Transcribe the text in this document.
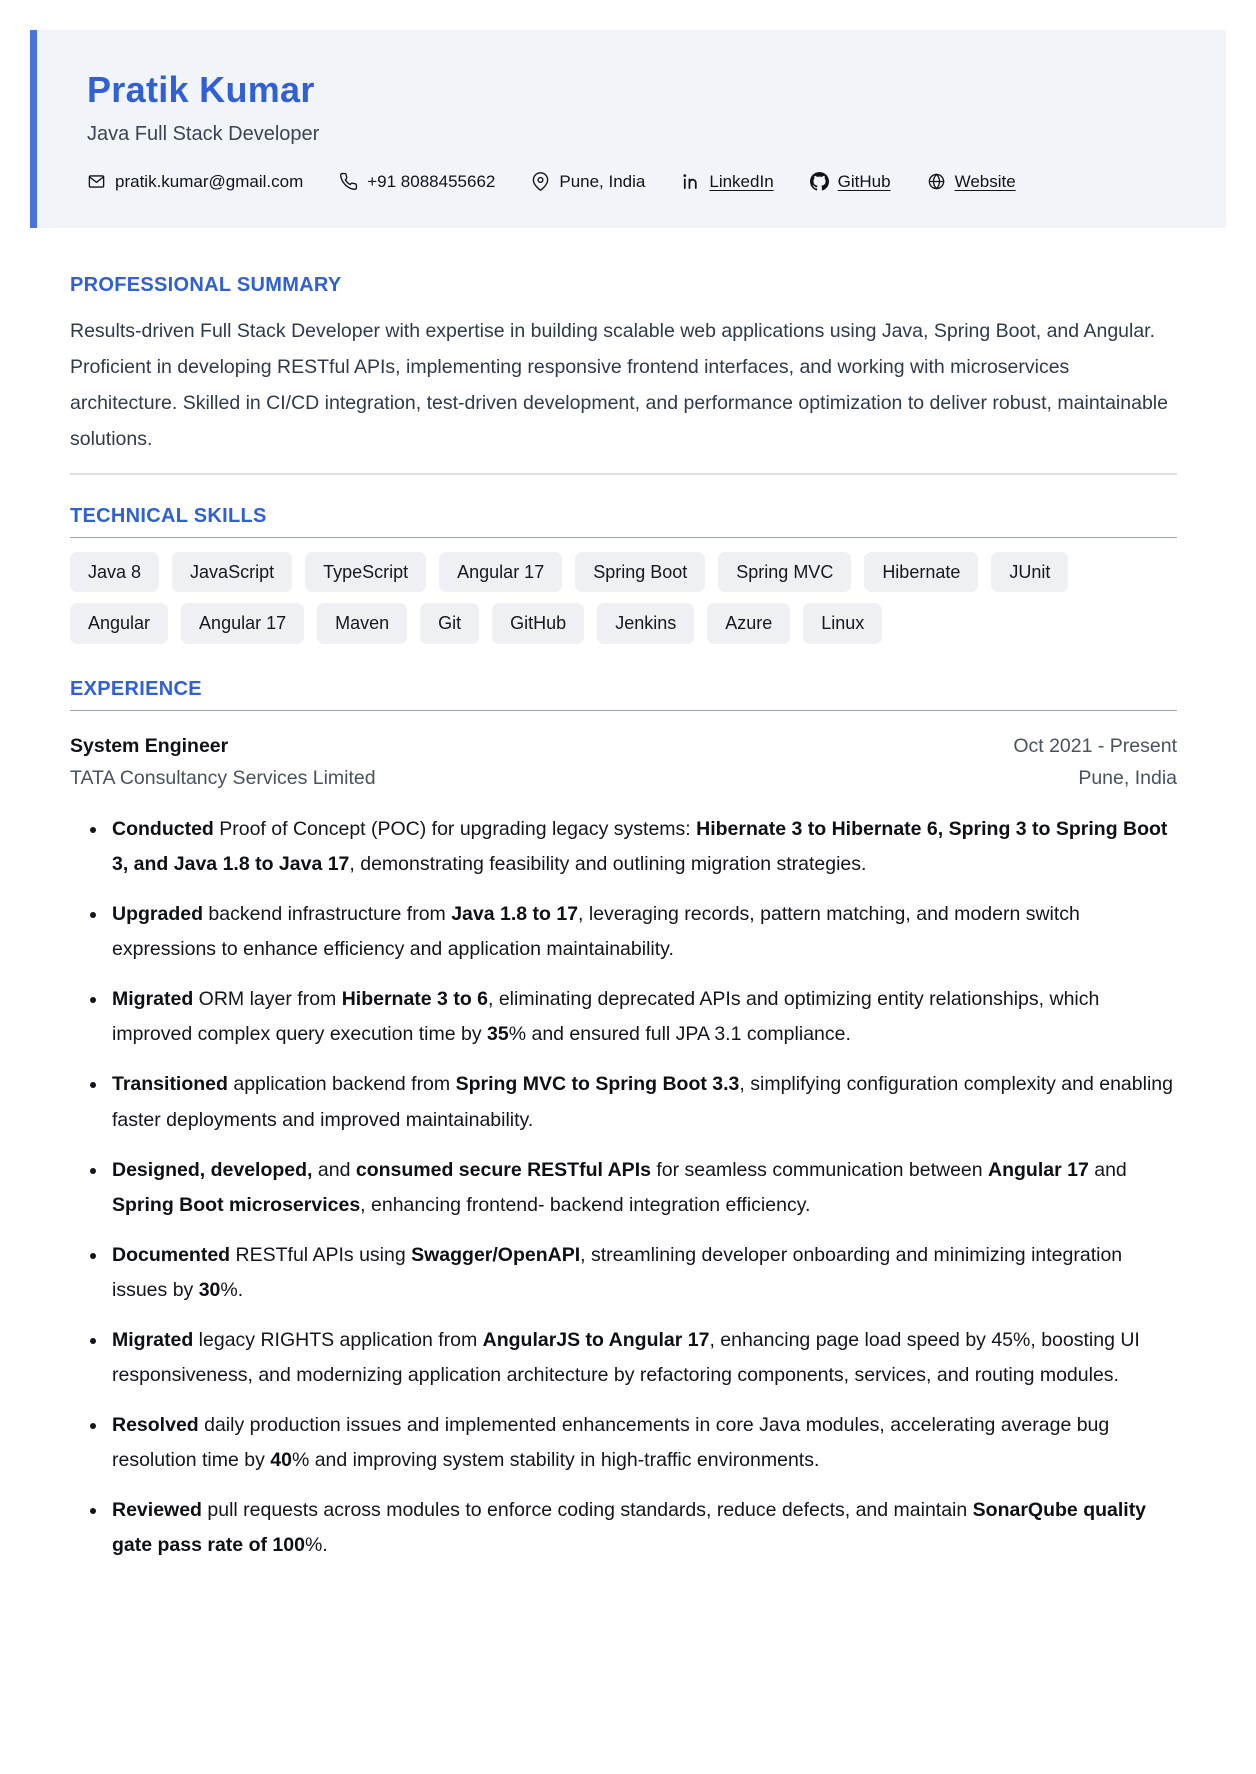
Pratik Kumar
Java Full Stack Developer
pratik.kumar@gmail.com	+91 8088455662	Pune, India	LinkedIn	GitHub	Website
PROFESSIONAL SUMMARY

Results-driven Full Stack Developer with expertise in building scalable web applications using Java, Spring Boot, and Angular. Proficient in developing RESTful APIs, implementing responsive frontend interfaces, and working with microservices architecture. Skilled in CI/CD integration, test-driven development, and performance optimization to deliver robust, maintainable solutions.

TECHNICAL SKILLS
Java 8	JavaScript	TypeScript	Angular 17	Spring Boot	Spring MVC	Hibernate	JUnit
Angular	Angular 17	Maven	Git	GitHub	Jenkins	Azure	Linux
EXPERIENCE
System Engineer
TATA Consultancy Services Limited
Oct 2021 - Present
Pune, India
• Conducted Proof of Concept (POC) for upgrading legacy systems: Hibernate 3 to Hibernate 6, Spring 3 to Spring Boot 3, and Java 1.8 to Java 17, demonstrating feasibility and outlining migration strategies.
• Upgraded backend infrastructure from Java 1.8 to 17, leveraging records, pattern matching, and modern switch expressions to enhance efficiency and application maintainability.
• Migrated ORM layer from Hibernate 3 to 6, eliminating deprecated APIs and optimizing entity relationships, which improved complex query execution time by 35% and ensured full JPA 3.1 compliance.
• Transitioned application backend from Spring MVC to Spring Boot 3.3, simplifying configuration complexity and enabling faster deployments and improved maintainability.
• Designed, developed, and consumed secure RESTful APIs for seamless communication between Angular 17 and Spring Boot microservices, enhancing frontend- backend integration efficiency.
• Documented RESTful APIs using Swagger/OpenAPI, streamlining developer onboarding and minimizing integration issues by 30%.
• Migrated legacy RIGHTS application from AngularJS to Angular 17, enhancing page load speed by 45%, boosting UI responsiveness, and modernizing application architecture by refactoring components, services, and routing modules.
• Resolved daily production issues and implemented enhancements in core Java modules, accelerating average bug resolution time by 40% and improving system stability in high-traffic environments.
• Reviewed pull requests across modules to enforce coding standards, reduce defects, and maintain SonarQube quality gate pass rate of 100%.
